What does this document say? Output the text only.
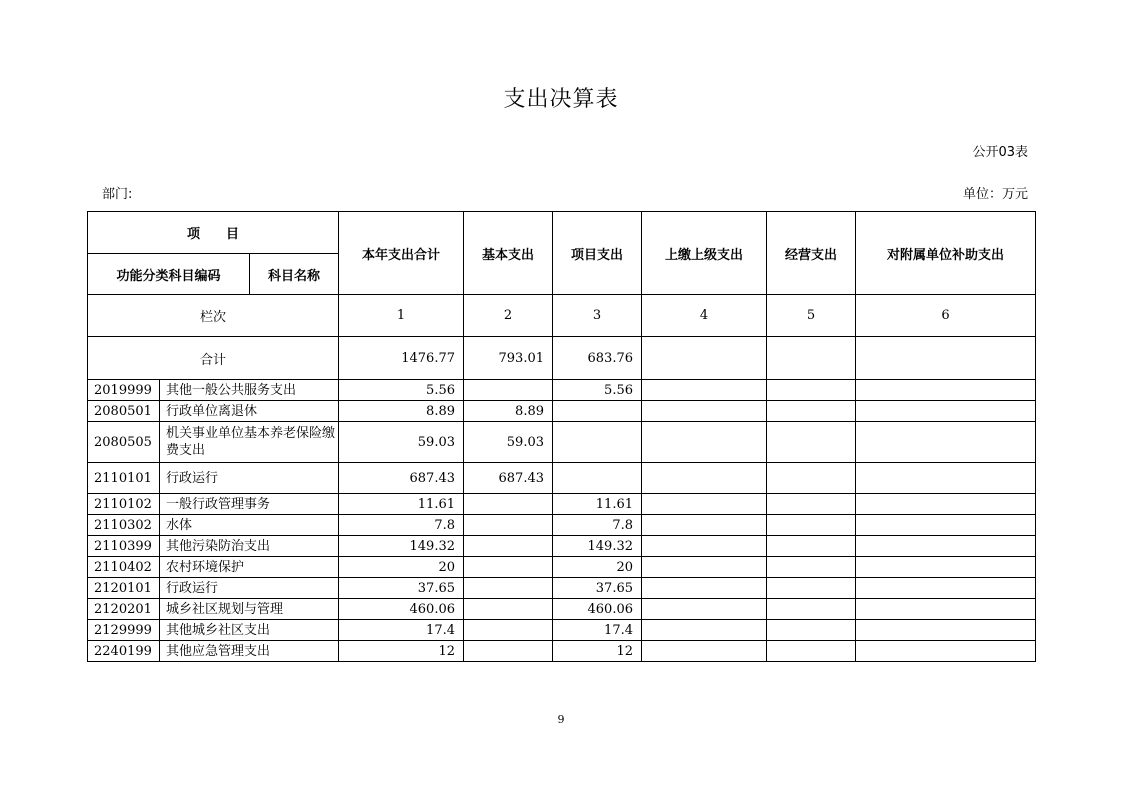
支出决算表
公开03表
部门:	单位：万元
项　　目			本年支出合计	基本支出	项目支出	上缴上级支出	经营支出	对附属单位补助支出
功能分类科目编码		科目名称						
栏次			1	2	3	4	5	6
合计			1476.77	793.01	683.76			
2019999	其他一般公共服务支出		5.56		5.56			
2080501	行政单位离退休		8.89	8.89				
2080505	机关事业单位基本养老保险缴费支出		59.03	59.03				
2110101	行政运行		687.43	687.43				
2110102	一般行政管理事务		11.61		11.61			
2110302	水体		7.8		7.8			
2110399	其他污染防治支出		149.32		149.32			
2110402	农村环境保护		20		20			
2120101	行政运行		37.65		37.65			
2120201	城乡社区规划与管理		460.06		460.06			
2129999	其他城乡社区支出		17.4		17.4			
2240199	其他应急管理支出		12		12			
9
